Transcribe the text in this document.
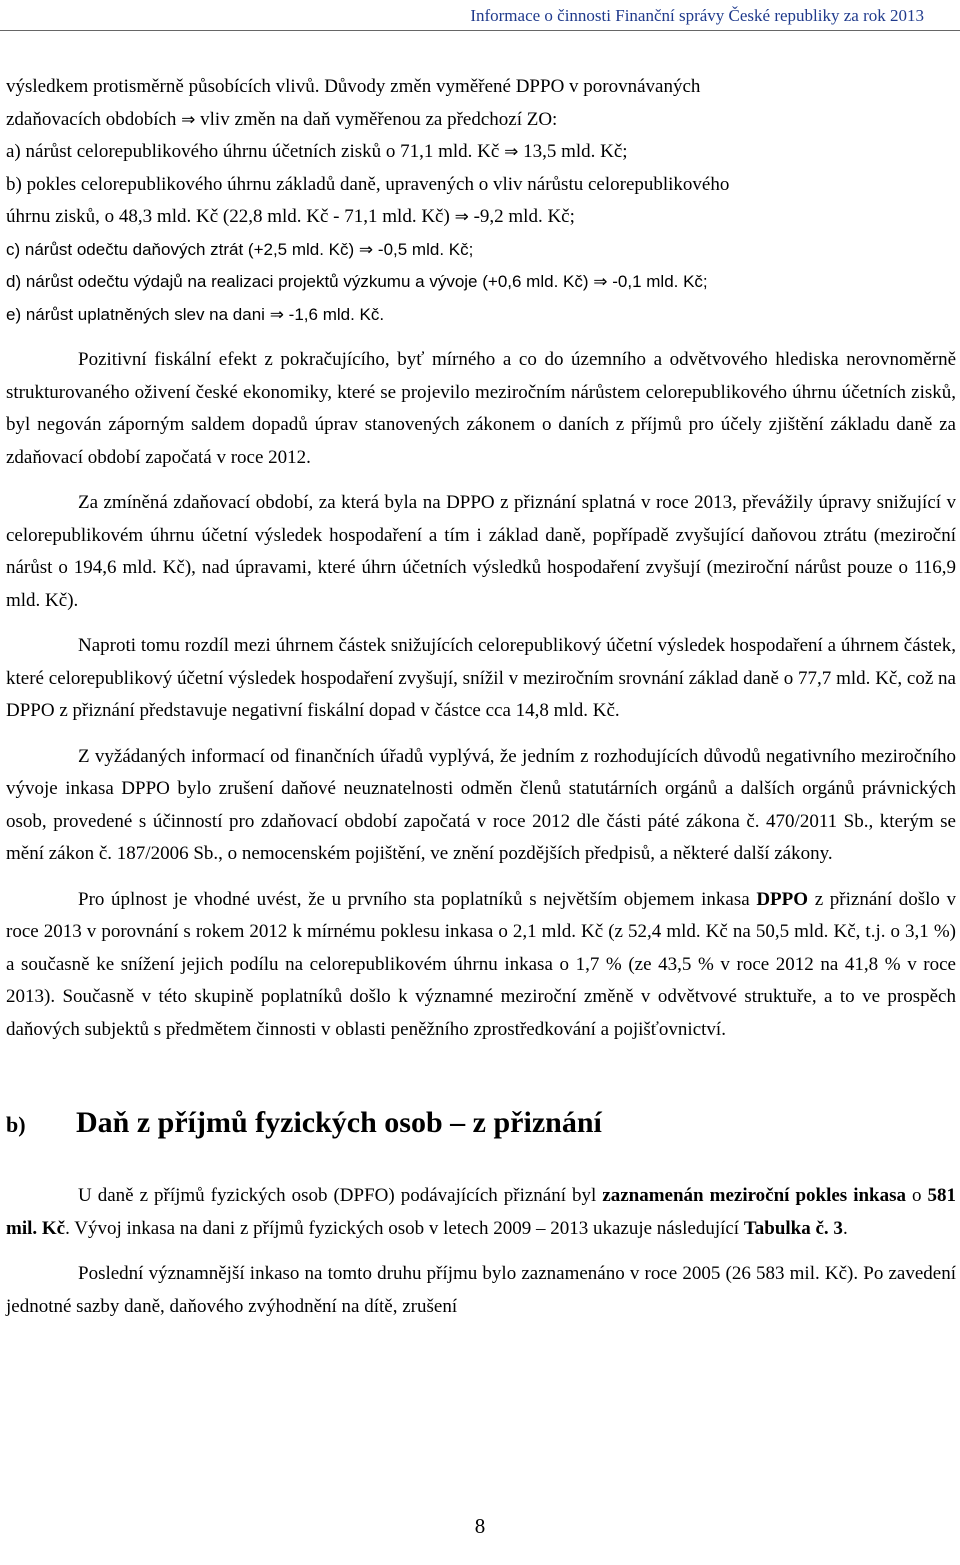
Informace o činnosti Finanční správy České republiky za rok 2013

výsledkem protisměrně působících vlivů. Důvody změn vyměřené DPPO v porovnávaných

zdaňovacích obdobích ⇒ vliv změn na daň vyměřenou za předchozí ZO:

a) nárůst celorepublikového úhrnu účetních zisků o 71,1 mld. Kč ⇒ 13,5 mld. Kč;

b) pokles celorepublikového úhrnu základů daně, upravených o vliv nárůstu celorepublikového

úhrnu zisků, o 48,3 mld. Kč (22,8 mld. Kč - 71,1 mld. Kč) ⇒ -9,2 mld. Kč;

c) nárůst odečtu daňových ztrát (+2,5 mld. Kč) ⇒ -0,5 mld. Kč;

d) nárůst odečtu výdajů na realizaci projektů výzkumu a vývoje (+0,6 mld. Kč) ⇒ -0,1 mld. Kč;

e) nárůst uplatněných slev na dani ⇒ -1,6 mld. Kč.

Pozitivní fiskální efekt z pokračujícího, byť mírného a co do územního a odvětvového hlediska nerovnoměrně strukturovaného oživení české ekonomiky, které se projevilo meziročním nárůstem celorepublikového úhrnu účetních zisků, byl negován záporným saldem dopadů úprav stanovených zákonem o daních z příjmů pro účely zjištění základu daně za zdaňovací období započatá v roce 2012.

Za zmíněná zdaňovací období, za která byla na DPPO z přiznání splatná v roce 2013, převážily úpravy snižující v celorepublikovém úhrnu účetní výsledek hospodaření a tím i základ daně, popřípadě zvyšující daňovou ztrátu (meziroční nárůst o 194,6 mld. Kč), nad úpravami, které úhrn účetních výsledků hospodaření zvyšují (meziroční nárůst pouze o 116,9 mld. Kč).

Naproti tomu rozdíl mezi úhrnem částek snižujících celorepublikový účetní výsledek hospodaření a úhrnem částek, které celorepublikový účetní výsledek hospodaření zvyšují, snížil v meziročním srovnání základ daně o 77,7 mld. Kč, což na DPPO z přiznání představuje negativní fiskální dopad v částce cca 14,8 mld. Kč.

Z vyžádaných informací od finančních úřadů vyplývá, že jedním z rozhodujících důvodů negativního meziročního vývoje inkasa DPPO bylo zrušení daňové neuznatelnosti odměn členů statutárních orgánů a dalších orgánů právnických osob, provedené s účinností pro zdaňovací období započatá v roce 2012 dle části páté zákona č. 470/2011 Sb., kterým se mění zákon č. 187/2006 Sb., o nemocenském pojištění, ve znění pozdějších předpisů, a některé další zákony.

Pro úplnost je vhodné uvést, že u prvního sta poplatníků s největším objemem inkasa DPPO z přiznání došlo v roce 2013 v porovnání s rokem 2012 k mírnému poklesu inkasa o 2,1 mld. Kč (z 52,4 mld. Kč na 50,5 mld. Kč, t.j. o 3,1 %) a současně ke snížení jejich podílu na celorepublikovém úhrnu inkasa o 1,7 % (ze 43,5 % v roce 2012 na 41,8 % v roce 2013). Současně v této skupině poplatníků došlo k významné meziroční změně v odvětvové struktuře, a to ve prospěch daňových subjektů s předmětem činnosti v oblasti peněžního zprostředkování a pojišťovnictví.

b)	Daň z příjmů fyzických osob – z přiznání

U daně z příjmů fyzických osob (DPFO) podávajících přiznání byl zaznamenán meziroční pokles inkasa o 581 mil. Kč. Vývoj inkasa na dani z příjmů fyzických osob v letech 2009 – 2013 ukazuje následující Tabulka č. 3.

Poslední významnější inkaso na tomto druhu příjmu bylo zaznamenáno v roce 2005 (26 583 mil. Kč). Po zavedení jednotné sazby daně, daňového zvýhodnění na dítě, zrušení

8
